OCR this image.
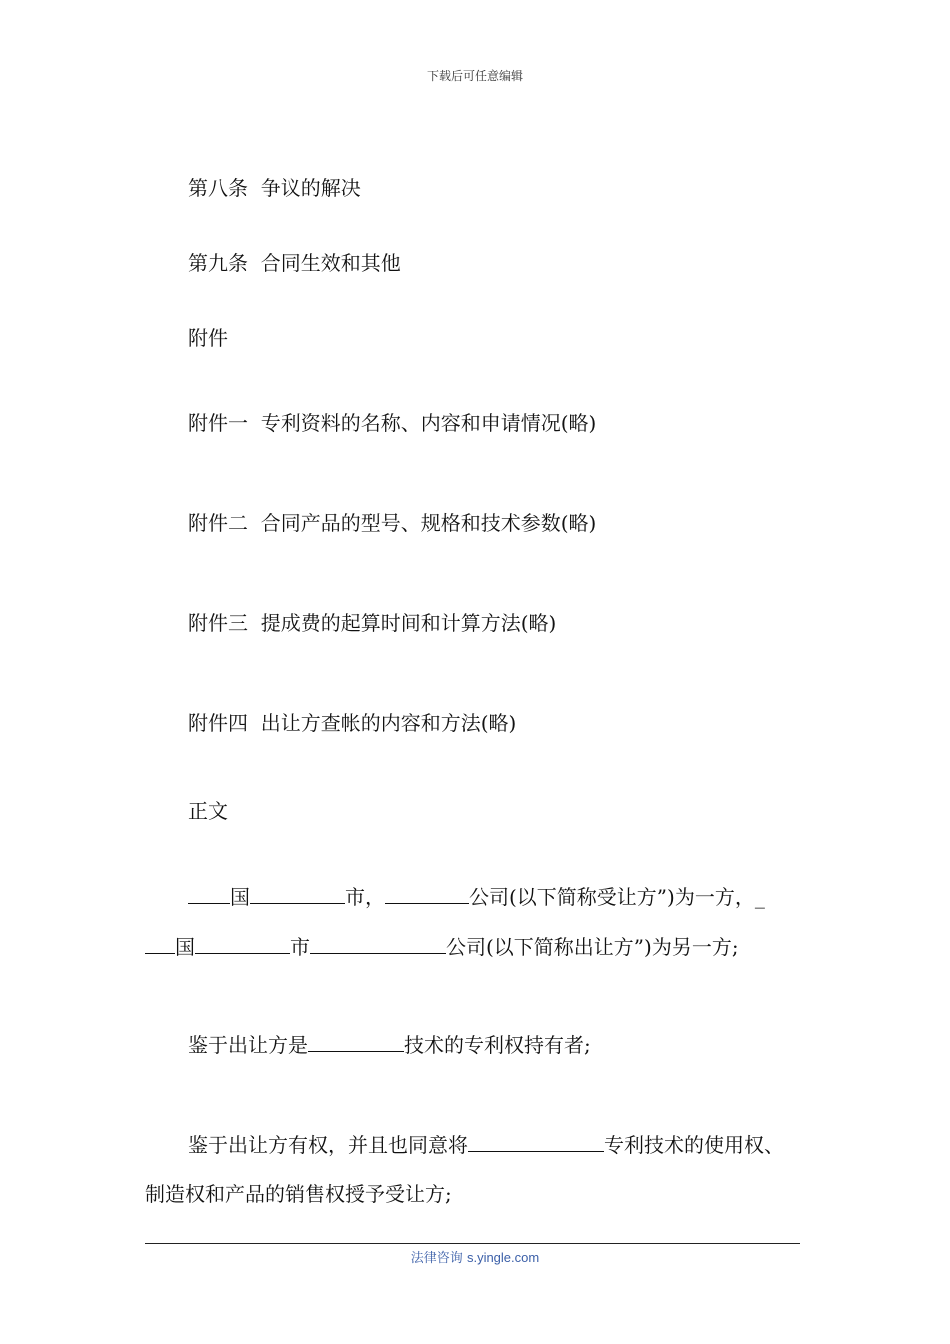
下载后可任意编辑

第八条  争议的解决

第九条  合同生效和其他

附件

附件一  专利资料的名称、内容和申请情况(略)

附件二  合同产品的型号、规格和技术参数(略)

附件三  提成费的起算时间和计算方法(略)

附件四  出让方查帐的内容和方法(略)

正文

国	市，	公司(以下简称受让方”)为一方，_

国	市	公司(以下简称出让方”)为另一方;

鉴于出让方是	技术的专利权持有者;

鉴于出让方有权，并且也同意将	专利技术的使用权、

制造权和产品的销售权授予受让方;

法律咨询 s.yingle.com
